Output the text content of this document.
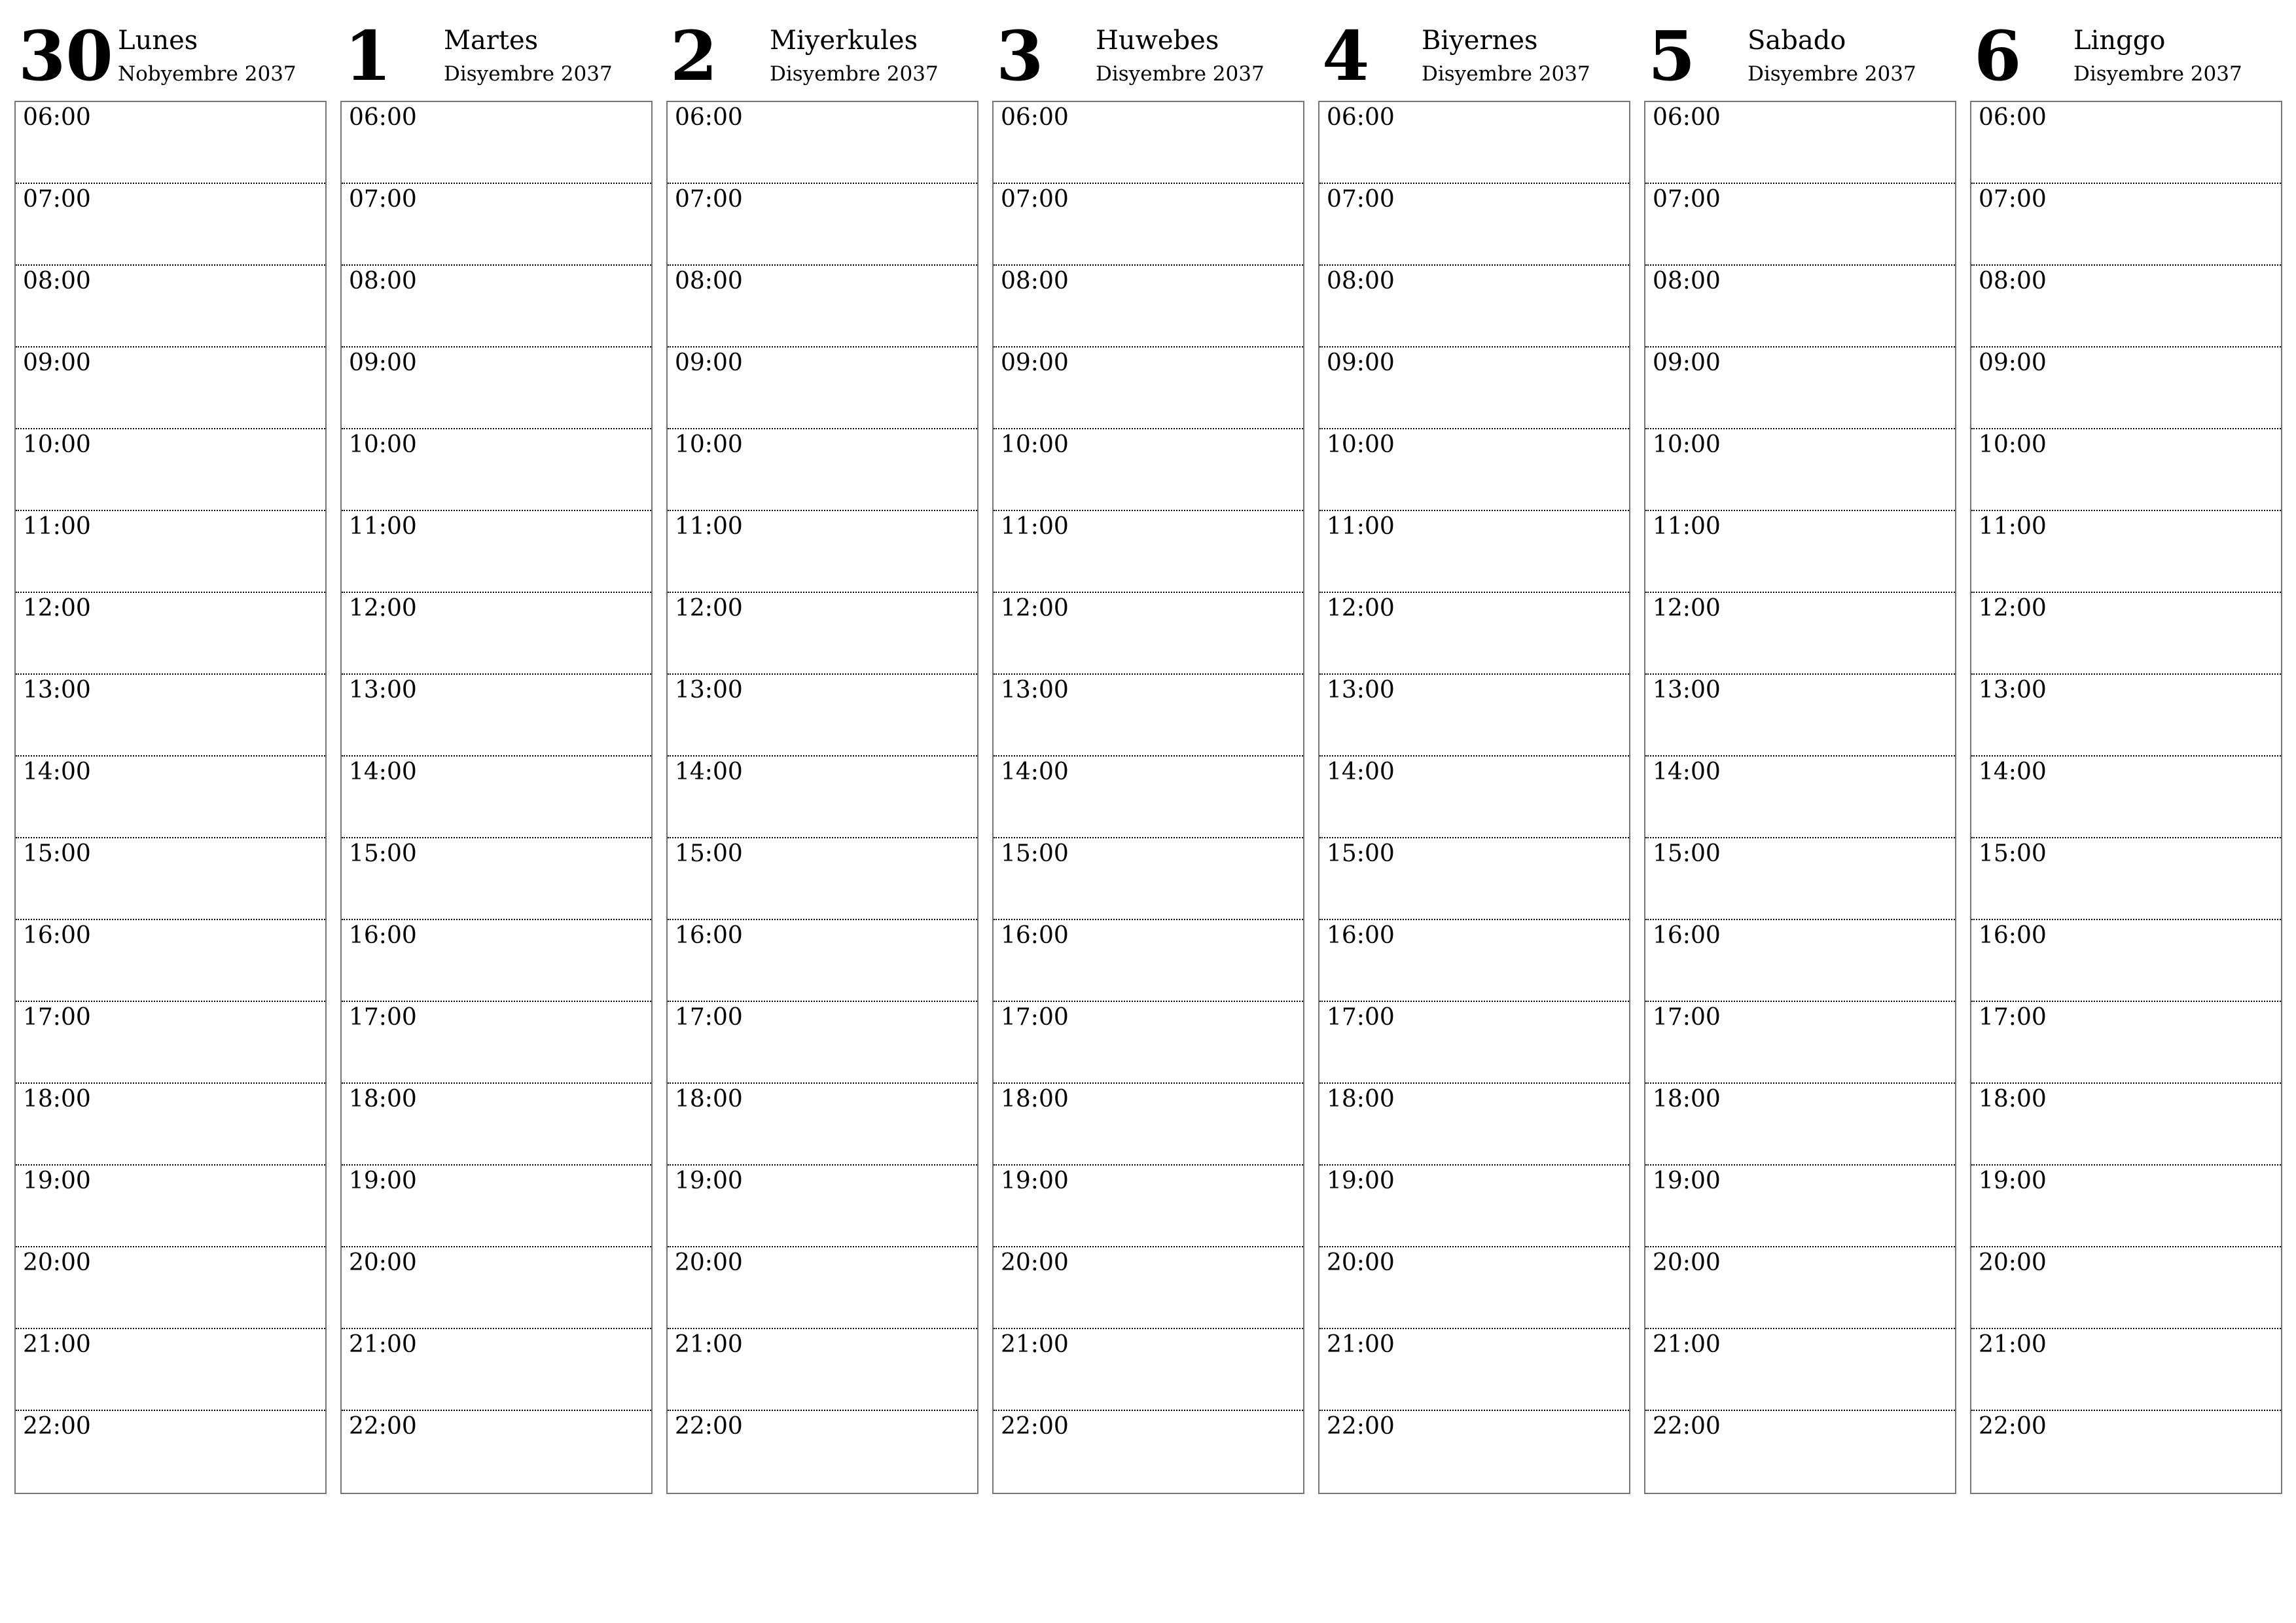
30 Lunes
Nobyembre 2037
06:00
07:00
08:00
09:00
10:00
11:00
12:00
13:00
14:00
15:00
16:00
17:00
18:00
19:00
20:00
21:00
22:00
1 Martes
Disyembre 2037
06:00
07:00
08:00
09:00
10:00
11:00
12:00
13:00
14:00
15:00
16:00
17:00
18:00
19:00
20:00
21:00
22:00
2 Miyerkules
Disyembre 2037
06:00
07:00
08:00
09:00
10:00
11:00
12:00
13:00
14:00
15:00
16:00
17:00
18:00
19:00
20:00
21:00
22:00
3 Huwebes
Disyembre 2037
06:00
07:00
08:00
09:00
10:00
11:00
12:00
13:00
14:00
15:00
16:00
17:00
18:00
19:00
20:00
21:00
22:00
4 Biyernes
Disyembre 2037
06:00
07:00
08:00
09:00
10:00
11:00
12:00
13:00
14:00
15:00
16:00
17:00
18:00
19:00
20:00
21:00
22:00
5 Sabado
Disyembre 2037
06:00
07:00
08:00
09:00
10:00
11:00
12:00
13:00
14:00
15:00
16:00
17:00
18:00
19:00
20:00
21:00
22:00
6 Linggo
Disyembre 2037
06:00
07:00
08:00
09:00
10:00
11:00
12:00
13:00
14:00
15:00
16:00
17:00
18:00
19:00
20:00
21:00
22:00
